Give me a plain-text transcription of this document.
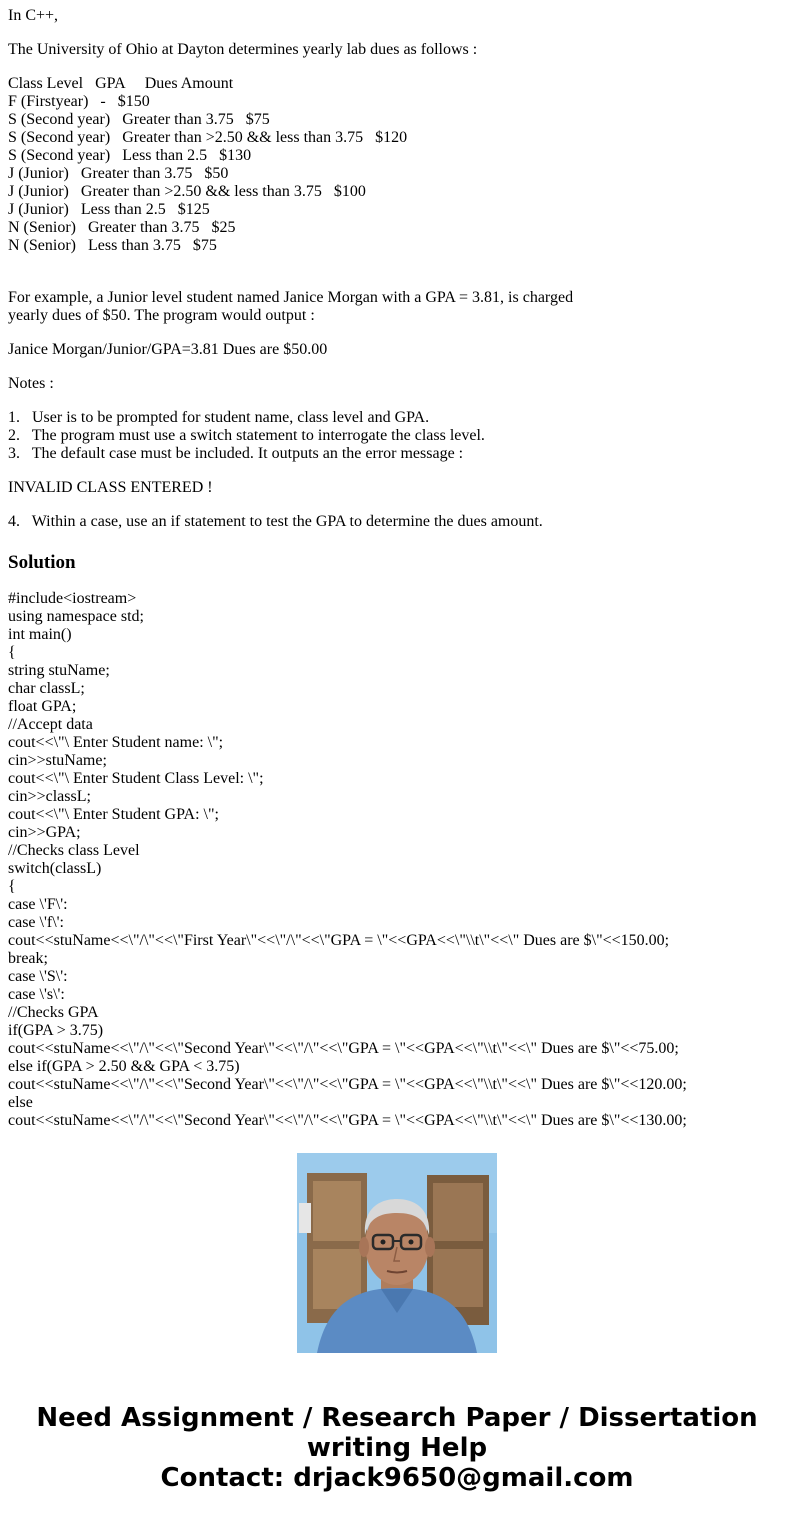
In C++,

The University of Ohio at Dayton determines yearly lab dues as follows :

Class Level   GPA     Dues Amount
F (Firstyear)   -   $150
S (Second year)   Greater than 3.75   $75
S (Second year)   Greater than >2.50 && less than 3.75   $120
S (Second year)   Less than 2.5   $130
J (Junior)   Greater than 3.75   $50
J (Junior)   Greater than >2.50 && less than 3.75   $100
J (Junior)   Less than 2.5   $125
N (Senior)   Greater than 3.75   $25
N (Senior)   Less than 3.75   $75
For example, a Junior level student named Janice Morgan with a GPA = 3.81, is charged
yearly dues of $50. The program would output :

Janice Morgan/Junior/GPA=3.81 Dues are $50.00

Notes :

1.   User is to be prompted for student name, class level and GPA.
2.   The program must use a switch statement to interrogate the class level.
3.   The default case must be included. It outputs an the error message :

INVALID CLASS ENTERED !

4.   Within a case, use an if statement to test the GPA to determine the dues amount.

Solution
#include<iostream>
using namespace std;
int main()
{
string stuName;
char classL;
float GPA;
//Accept data
cout<<\"\ Enter Student name: \";
cin>>stuName;
cout<<\"\ Enter Student Class Level: \";
cin>>classL;
cout<<\"\ Enter Student GPA: \";
cin>>GPA;
//Checks class Level
switch(classL)
{
case \'F\':
case \'f\':
cout<<stuName<<\"/\"<<\"First Year\"<<\"/\"<<\"GPA = \"<<GPA<<\"\\t\"<<\" Dues are $\"<<150.00;
break;
case \'S\':
case \'s\':
//Checks GPA
if(GPA > 3.75)
cout<<stuName<<\"/\"<<\"Second Year\"<<\"/\"<<\"GPA = \"<<GPA<<\"\\t\"<<\" Dues are $\"<<75.00;
else if(GPA > 2.50 && GPA < 3.75)
cout<<stuName<<\"/\"<<\"Second Year\"<<\"/\"<<\"GPA = \"<<GPA<<\"\\t\"<<\" Dues are $\"<<120.00;
else
cout<<stuName<<\"/\"<<\"Second Year\"<<\"/\"<<\"GPA = \"<<GPA<<\"\\t\"<<\" Dues are $\"<<130.00;
Need Assignment / Research Paper / Dissertation
writing Help
Contact: drjack9650@gmail.com
